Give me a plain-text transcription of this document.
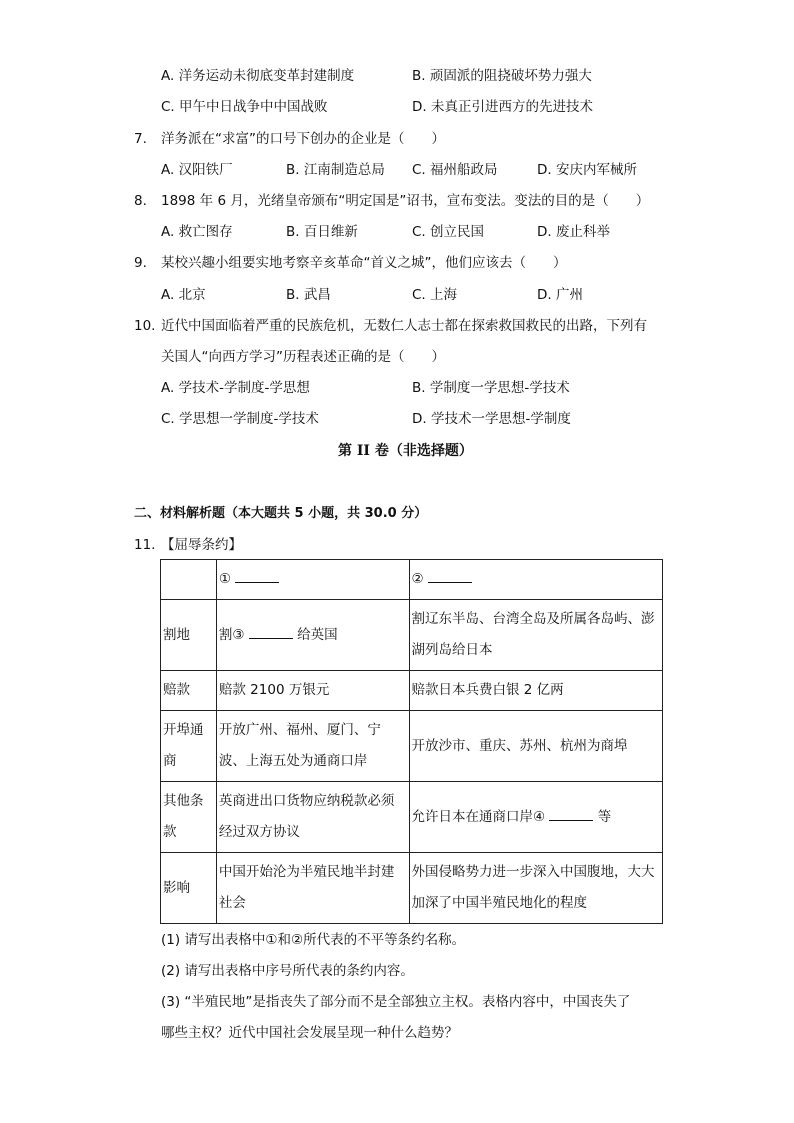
A. 洋务运动未彻底变革封建制度	B. 顽固派的阻挠破坏势力强大
C. 甲午中日战争中中国战败	D. 未真正引进西方的先进技术
7. 洋务派在“求富”的口号下创办的企业是（　　）
A. 汉阳铁厂	B. 江南制造总局 C. 福州船政局	D. 安庆内军械所
8. 1898 年 6 月，光绪皇帝颁布“明定国是”诏书，宣布变法。变法的目的是（　　）
A. 救亡图存	B. 百日维新	C. 创立民国	D. 废止科举
9. 某校兴趣小组要实地考察辛亥革命“首义之城”，他们应该去（　　）
A. 北京	B. 武昌	C. 上海	D. 广州
10. 近代中国面临着严重的民族危机，无数仁人志士都在探索救国救民的出路，下列有
关国人“向西方学习”历程表述正确的是（　　）
A. 学技术-学制度-学思想	B. 学制度一学思想-学技术
C. 学思想一学制度-学技术	D. 学技术一学思想-学制度
第 II 卷（非选择题）
二、材料解析题（本大题共 5 小题，共 30.0 分）
11. 【屈辱条约】
	①	②
割地	割③ 给英国	割辽东半岛、台湾全岛及所属各岛屿、澎湖列岛给日本
赔款	赔款 2100 万银元	赔款日本兵费白银 2 亿两
开埠通商	开放广州、福州、厦门、宁波、上海五处为通商口岸	开放沙市、重庆、苏州、杭州为商埠
其他条款	英商进出口货物应纳税款必须经过双方协议	允许日本在通商口岸④ 等
影响	中国开始沦为半殖民地半封建社会	外国侵略势力进一步深入中国腹地，大大加深了中国半殖民地化的程度
(1) 请写出表格中①和②所代表的不平等条约名称。
(2) 请写出表格中序号所代表的条约内容。
(3) “半殖民地”是指丧失了部分而不是全部独立主权。表格内容中，中国丧失了
哪些主权？近代中国社会发展呈现一种什么趋势？
